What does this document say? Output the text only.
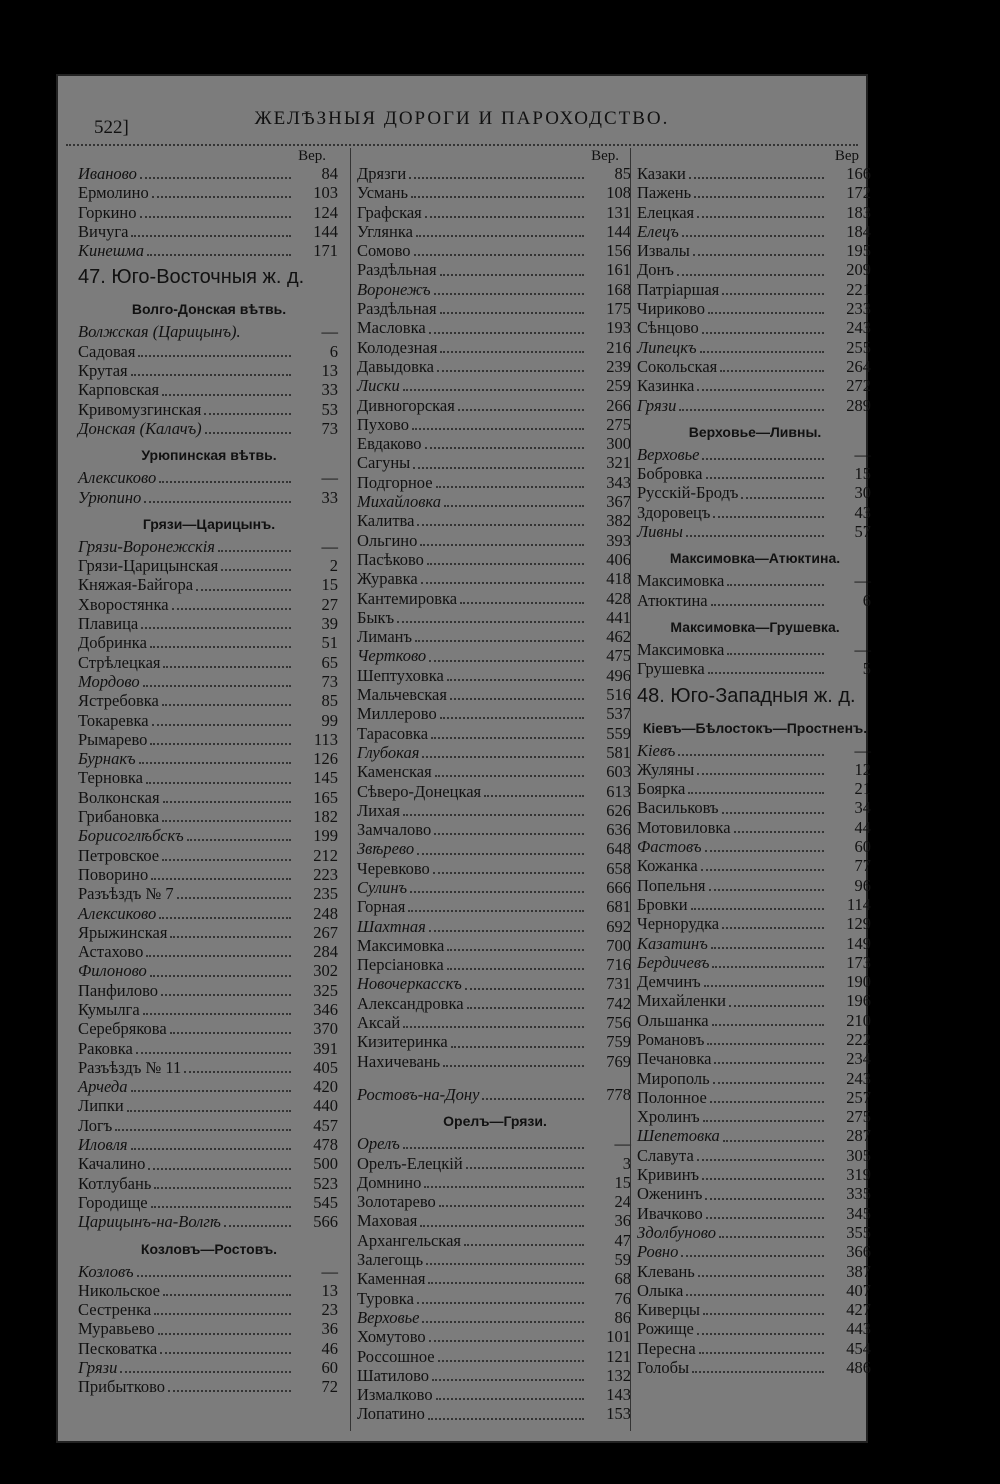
522]	ЖЕЛѢЗНЫЯ ДОРОГИ И ПАРОХОДСТВО.
Вер.
Иваново	84
Ермолино	103
Горкино	124
Вичуга	144
Кинешма	171
47. Юго-Восточныя ж. д.
Волго-Донская вѣтвь.
Волжская (Царицынъ).	—
Садовая	6
Крутая	13
Карповская	33
Кривомузгинская	53
Донская (Калачъ)	73
Урюпинская вѣтвь.
Алексиково	—
Урюпино	33
Грязи—Царицынъ.
Грязи-Воронежскія	—
Грязи-Царицынская	2
Княжая-Байгора	15
Хворостянка	27
Плавица	39
Добринка	51
Стрѣлецкая	65
Мордово	73
Ястребовка	85
Токаревка	99
Рымарево	113
Бурнакъ	126
Терновка	145
Волконская	165
Грибановка	182
Борисоглѣбскъ	199
Петровское	212
Поворино	223
Разъѣздъ № 7	235
Алексиково	248
Ярыжинская	267
Астахово	284
Филоново	302
Панфилово	325
Кумылга	346
Серебрякова	370
Раковка	391
Разъѣздъ № 11	405
Арчеда	420
Липки	440
Логъ	457
Иловля	478
Качалино	500
Котлубань	523
Городище	545
Царицынъ-на-Волгѣ	566
Козловъ—Ростовъ.
Козловъ	—
Никольское	13
Сестренка	23
Муравьево	36
Песковатка	46
Грязи	60
Прибытково	72
Вер.
Дрязги	85
Усмань	108
Графская	131
Углянка	144
Сомово	156
Раздѣльная	161
Воронежъ	168
Раздѣльная	175
Масловка	193
Колодезная	216
Давыдовка	239
Лиски	259
Дивногорская	266
Пухово	275
Евдаково	300
Сагуны	321
Подгорное	343
Михайловка	367
Калитва	382
Ольгино	393
Пасѣково	406
Журавка	418
Кантемировка	428
Быкъ	441
Лиманъ	462
Чертково	475
Шептуховка	496
Мальчевская	516
Миллерово	537
Тарасовка	559
Глубокая	581
Каменская	603
Сѣверо-Донецкая	613
Лихая	626
Замчалово	636
Звѣрево	648
Черевково	658
Сулинъ	666
Горная	681
Шахтная	692
Максимовка	700
Персіановка	716
Новочеркасскъ	731
Александровка	742
Аксай	756
Кизитеринка	759
Нахичевань	769
Ростовъ-на-Дону	778
Орелъ—Грязи.
Орелъ	—
Орелъ-Елецкій	3
Домнино	15
Золотарево	24
Маховая	36
Архангельская	47
Залегощь	59
Каменная	68
Туровка	76
Верховье	86
Хомутово	101
Россошное	121
Шатилово	132
Измалково	143
Лопатино	153
Вер
Казаки	166
Пажень	172
Елецкая	183
Елецъ	184
Извалы	195
Донъ	209
Патріаршая	221
Чириково	233
Сѣнцово	243
Липецкъ	255
Сокольская	264
Казинка	272
Грязи	289
Верховье—Ливны.
Верховье	—
Бобровка	15
Русскій-Бродъ	30
Здоровецъ	43
Ливны	57
Максимовка—Атюктина.
Максимовка	—
Атюктина	6
Максимовка—Грушевка.
Максимовка	—
Грушевка	5
48. Юго-Западныя ж. д.
Кіевъ—Бѣлостокъ—Простненъ.
Кіевъ	—
Жуляны	12
Боярка	21
Васильковъ	34
Мотовиловка	44
Фастовъ	60
Кожанка	77
Попельня	96
Бровки	114
Чернорудка	129
Казатинъ	149
Бердичевъ	173
Демчинъ	190
Михайленки	196
Ольшанка	210
Романовъ	222
Печановка	234
Мирополь	243
Полонное	257
Хролинъ	275
Шепетовка	287
Славута	305
Кривинъ	319
Оженинъ	335
Ивачково	345
Здолбуново	355
Ровно	366
Клевань	387
Олыка	407
Киверцы	427
Рожище	443
Пересна	454
Голобы	486
